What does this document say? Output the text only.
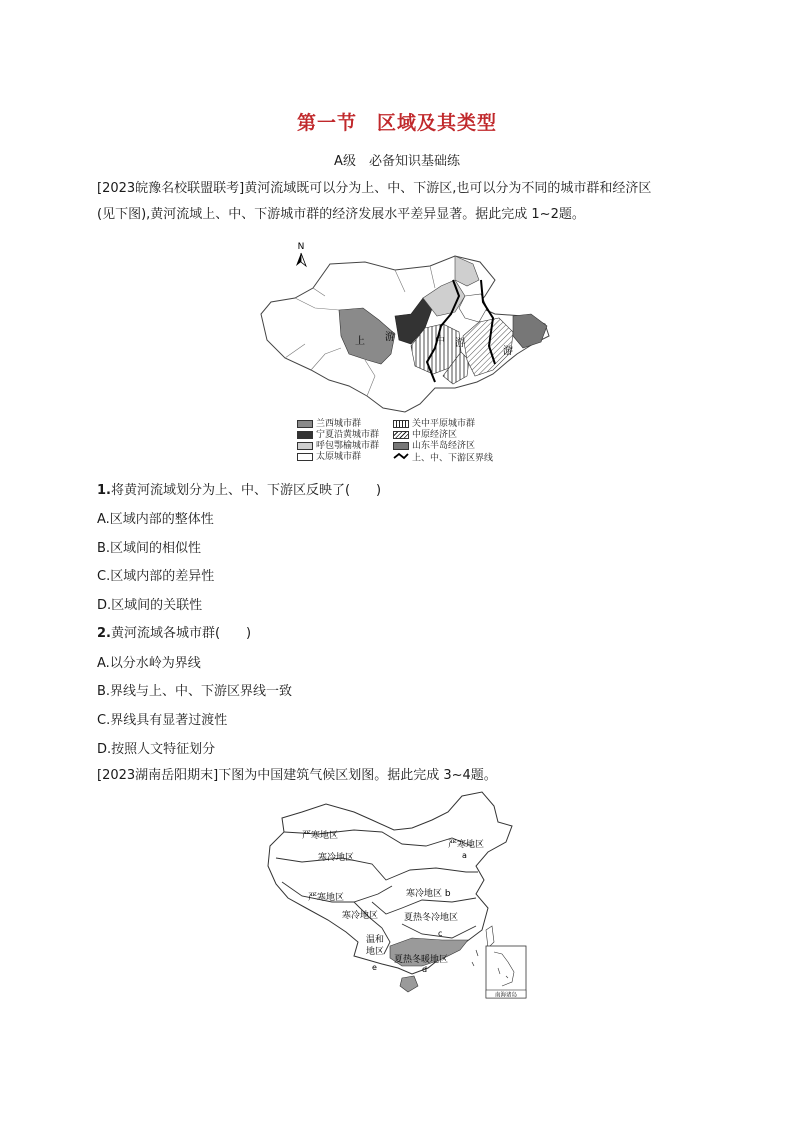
第一节　区域及其类型
A级　必备知识基础练
[2023皖豫名校联盟联考]黄河流域既可以分为上、中、下游区,也可以分为不同的城市群和经济区
(见下图),黄河流域上、中、下游城市群的经济发展水平差异显著。据此完成 1~2题。
N
上 游	中 游
游
兰西城市群
宁夏沿黄城市群
呼包鄂榆城市群
太原城市群
关中平原城市群
中原经济区
山东半岛经济区
上、中、下游区界线
1.将黄河流域划分为上、中、下游区反映了(　　)
A.区域内部的整体性
B.区域间的相似性
C.区域内部的差异性
D.区域间的关联性
2.黄河流域各城市群(　　)
A.以分水岭为界线
B.界线与上、中、下游区界线一致
C.界线具有显著过渡性
D.按照人文特征划分
[2023湖南岳阳期末]下图为中国建筑气候区划图。据此完成 3~4题。
南海诸岛
严寒地区
寒冷地区
严寒地区
a
严寒地区	寒冷地区 b
寒冷地区	夏热冬冷地区
c
温和
地区
夏热冬暖地区
d
e
